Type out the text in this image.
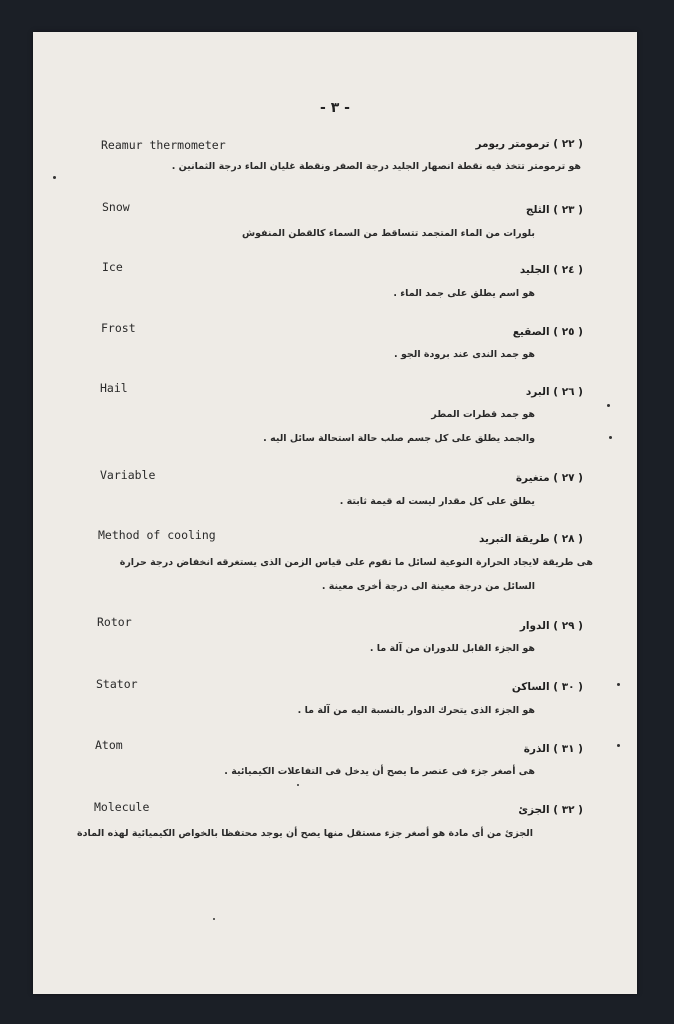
- ٣ -
Reamur thermometer	( ٢٢ ) ترمومتر ريومر
هو ترمومتر تتخذ فيه نقطة انصهار الجليد درجة الصفر ونقطة غليان الماء درجة الثمانين .
Snow	( ٢٣ ) الثلج
بلورات من الماء المتجمد تتساقط من السماء كالقطن المنفوش
Ice	( ٢٤ ) الجليد
هو اسم يطلق على جمد الماء .
Frost	( ٢٥ ) الصقيع
هو جمد الندى عند برودة الجو .
Hail	( ٢٦ ) البرد
هو جمد قطرات المطر
والجمد يطلق على كل جسم صلب حالة استحالة سائل اليه .
Variable	( ٢٧ ) متغيرة
يطلق على كل مقدار ليست له قيمة ثابتة .
Method of cooling	( ٢٨ ) طريقة التبريد
هى طريقة لايجاد الحرارة النوعية لسائل ما تقوم على قياس الزمن الذى يستغرقه انخفاض درجة حرارة
السائل من درجة معينة الى درجة أخرى معينة .
Rotor	( ٢٩ ) الدوار
هو الجزء القابل للدوران من آلة ما .
Stator	( ٣٠ ) الساكن
هو الجزء الذى يتحرك الدوار بالنسبة اليه من آلة ما .
Atom	( ٣١ ) الذرة
هى أصغر جزء فى عنصر ما يصح أن يدخل فى التفاعلات الكيميائية .
Molecule	( ٣٢ ) الجزئ
الجزئ من أى مادة هو أصغر جزء مستقل منها يصح أن يوجد محتفظا بالخواص الكيميائية لهذه المادة
